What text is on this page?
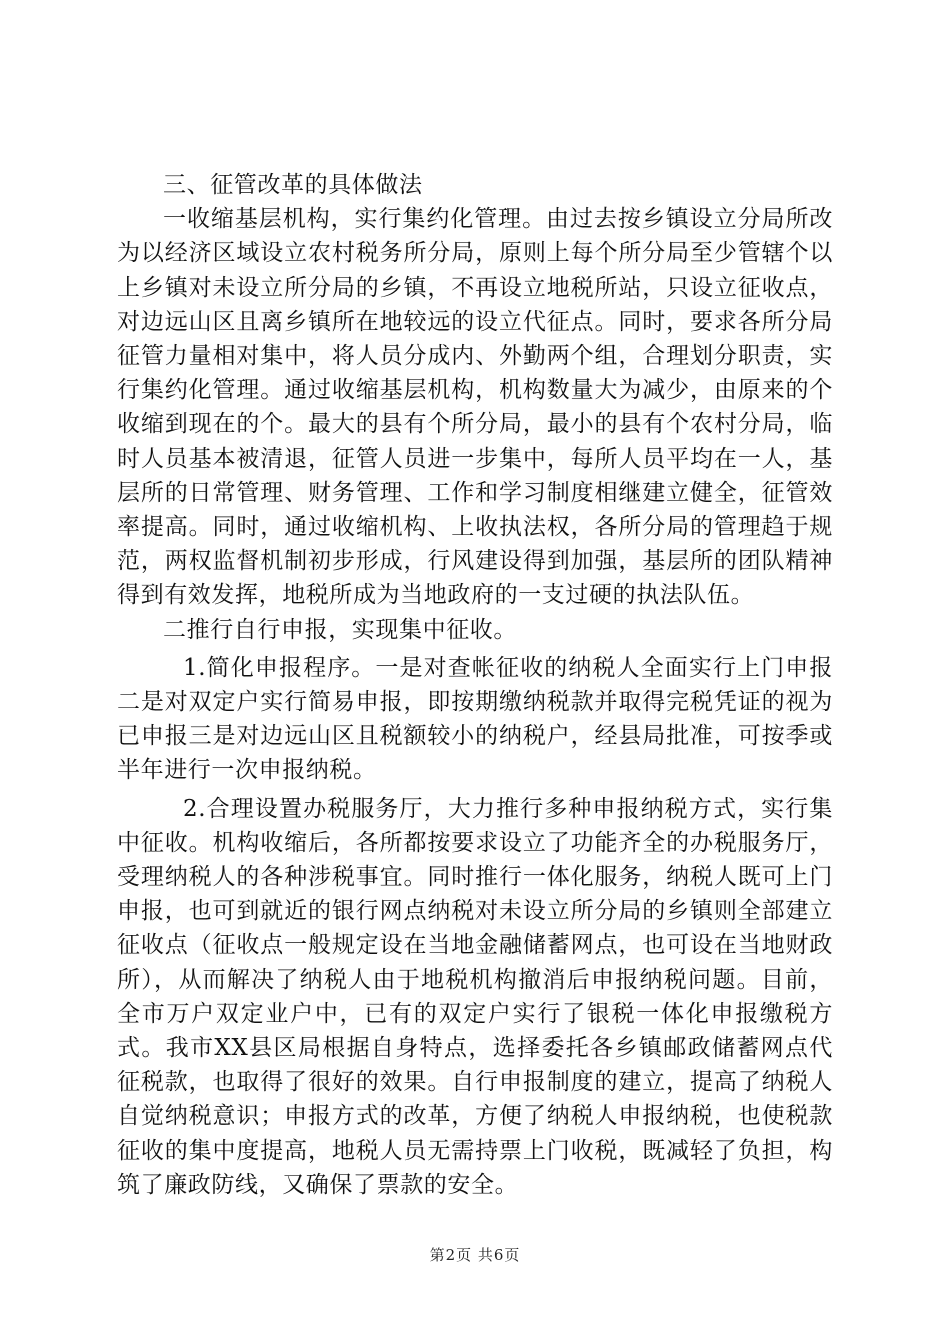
三、征管改革的具体做法

一收缩基层机构，实行集约化管理。由过去按乡镇设立分局所改为以经济区域设立农村税务所分局，原则上每个所分局至少管辖个以上乡镇对未设立所分局的乡镇，不再设立地税所站，只设立征收点，对边远山区且离乡镇所在地较远的设立代征点。同时，要求各所分局征管力量相对集中，将人员分成内、外勤两个组，合理划分职责，实行集约化管理。通过收缩基层机构，机构数量大为减少，由原来的个收缩到现在的个。最大的县有个所分局，最小的县有个农村分局，临时人员基本被清退，征管人员进一步集中，每所人员平均在一人，基层所的日常管理、财务管理、工作和学习制度相继建立健全，征管效率提高。同时，通过收缩机构、上收执法权，各所分局的管理趋于规范，两权监督机制初步形成，行风建设得到加强，基层所的团队精神得到有效发挥，地税所成为当地政府的一支过硬的执法队伍。

二推行自行申报，实现集中征收。

1.简化申报程序。一是对查帐征收的纳税人全面实行上门申报二是对双定户实行简易申报，即按期缴纳税款并取得完税凭证的视为已申报三是对边远山区且税额较小的纳税户，经县局批准，可按季或半年进行一次申报纳税。

2.合理设置办税服务厅，大力推行多种申报纳税方式，实行集中征收。机构收缩后，各所都按要求设立了功能齐全的办税服务厅，受理纳税人的各种涉税事宜。同时推行一体化服务，纳税人既可上门申报，也可到就近的银行网点纳税对未设立所分局的乡镇则全部建立征收点（征收点一般规定设在当地金融储蓄网点，也可设在当地财政所），从而解决了纳税人由于地税机构撤消后申报纳税问题。目前，全市万户双定业户中，已有的双定户实行了银税一体化申报缴税方式。我市XX县区局根据自身特点，选择委托各乡镇邮政储蓄网点代征税款，也取得了很好的效果。自行申报制度的建立，提高了纳税人自觉纳税意识；申报方式的改革，方便了纳税人申报纳税，也使税款征收的集中度提高，地税人员无需持票上门收税，既减轻了负担，构筑了廉政防线，又确保了票款的安全。

第2页 共6页
